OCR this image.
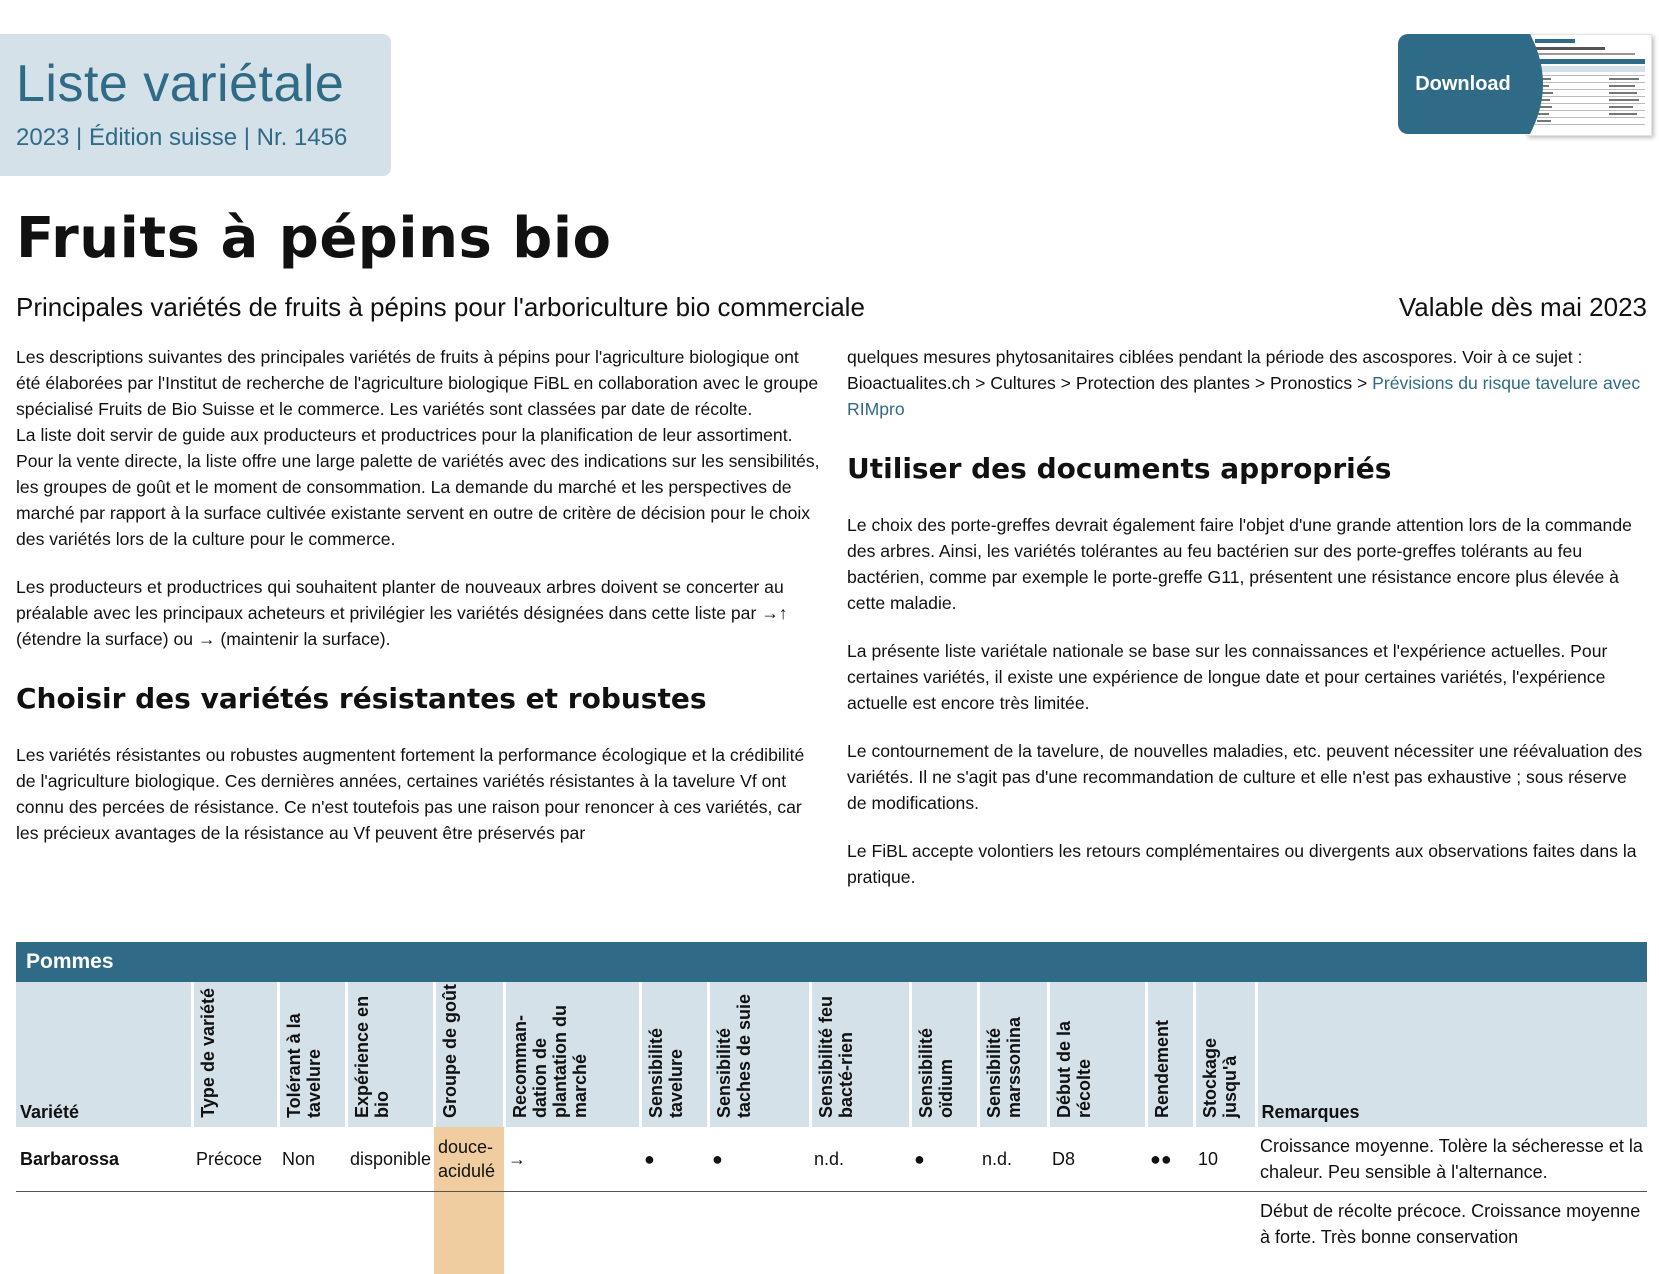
Liste variétale
2023 | Édition suisse | Nr. 1456
Download
Fruits à pépins bio
Principales variétés de fruits à pépins pour l'arboriculture bio commerciale	Valable dès mai 2023

Les descriptions suivantes des principales variétés de fruits à pépins pour l'agriculture biologique ont été élaborées par l'Institut de recherche de l'agriculture biologique FiBL en collaboration avec le groupe spécialisé Fruits de Bio Suisse et le commerce. Les variétés sont classées par date de récolte.

La liste doit servir de guide aux producteurs et productrices pour la planification de leur assortiment. Pour la vente directe, la liste offre une large palette de variétés avec des indications sur les sensibilités, les groupes de goût et le moment de consommation. La demande du marché et les perspectives de marché par rapport à la surface cultivée existante servent en outre de critère de décision pour le choix des variétés lors de la culture pour le commerce.

Les producteurs et productrices qui souhaitent planter de nouveaux arbres doivent se concerter au préalable avec les principaux acheteurs et privilégier les variétés désignées dans cette liste par →↑ (étendre la surface) ou → (maintenir la surface).

Choisir des variétés résistantes et robustes

Les variétés résistantes ou robustes augmentent fortement la performance écologique et la crédibilité de l'agriculture biologique. Ces dernières années, certaines variétés résistantes à la tavelure Vf ont connu des percées de résistance. Ce n'est toutefois pas une raison pour renoncer à ces variétés, car les précieux avantages de la résistance au Vf peuvent être préservés par

quelques mesures phytosanitaires ciblées pendant la période des ascospores. Voir à ce sujet : Bioactualites.ch > Cultures > Protection des plantes > Pronostics > Prévisions du risque tavelure avec RIMpro

Utiliser des documents appropriés

Le choix des porte-greffes devrait également faire l'objet d'une grande attention lors de la commande des arbres. Ainsi, les variétés tolérantes au feu bactérien sur des porte-greffes tolérants au feu bactérien, comme par exemple le porte-greffe G11, présentent une résistance encore plus élevée à cette maladie.

La présente liste variétale nationale se base sur les connaissances et l'expérience actuelles. Pour certaines variétés, il existe une expérience de longue date et pour certaines variétés, l'expérience actuelle est encore très limitée.

Le contournement de la tavelure, de nouvelles maladies, etc. peuvent nécessiter une réévaluation des variétés. Il ne s'agit pas d'une recommandation de culture et elle n'est pas exhaustive ; sous réserve de modifications.

Le FiBL accepte volontiers les retours complémentaires ou divergents aux observations faites dans la pratique.

Pommes
Variété	Type de variété	Tolérant à la tavelure	Expérience en bio	Groupe de goût	Recomman-dation de plantation du marché	Sensibilité tavelure	Sensibilité taches de suie	Sensibilité feu bacté-rien	Sensibilité oïdium	Sensibilité marssonina	Début de la récolte	Rendement	Stockage jusqu'à	Remarques
Barbarossa	Précoce	Non	disponible	douce-acidulé	→	●	●	n.d.	●	n.d.	D8	●●	10	Croissance moyenne. Tolère la sécheresse et la chaleur. Peu sensible à l'alternance.
														Début de récolte précoce. Croissance moyenne à forte. Très bonne conservation
